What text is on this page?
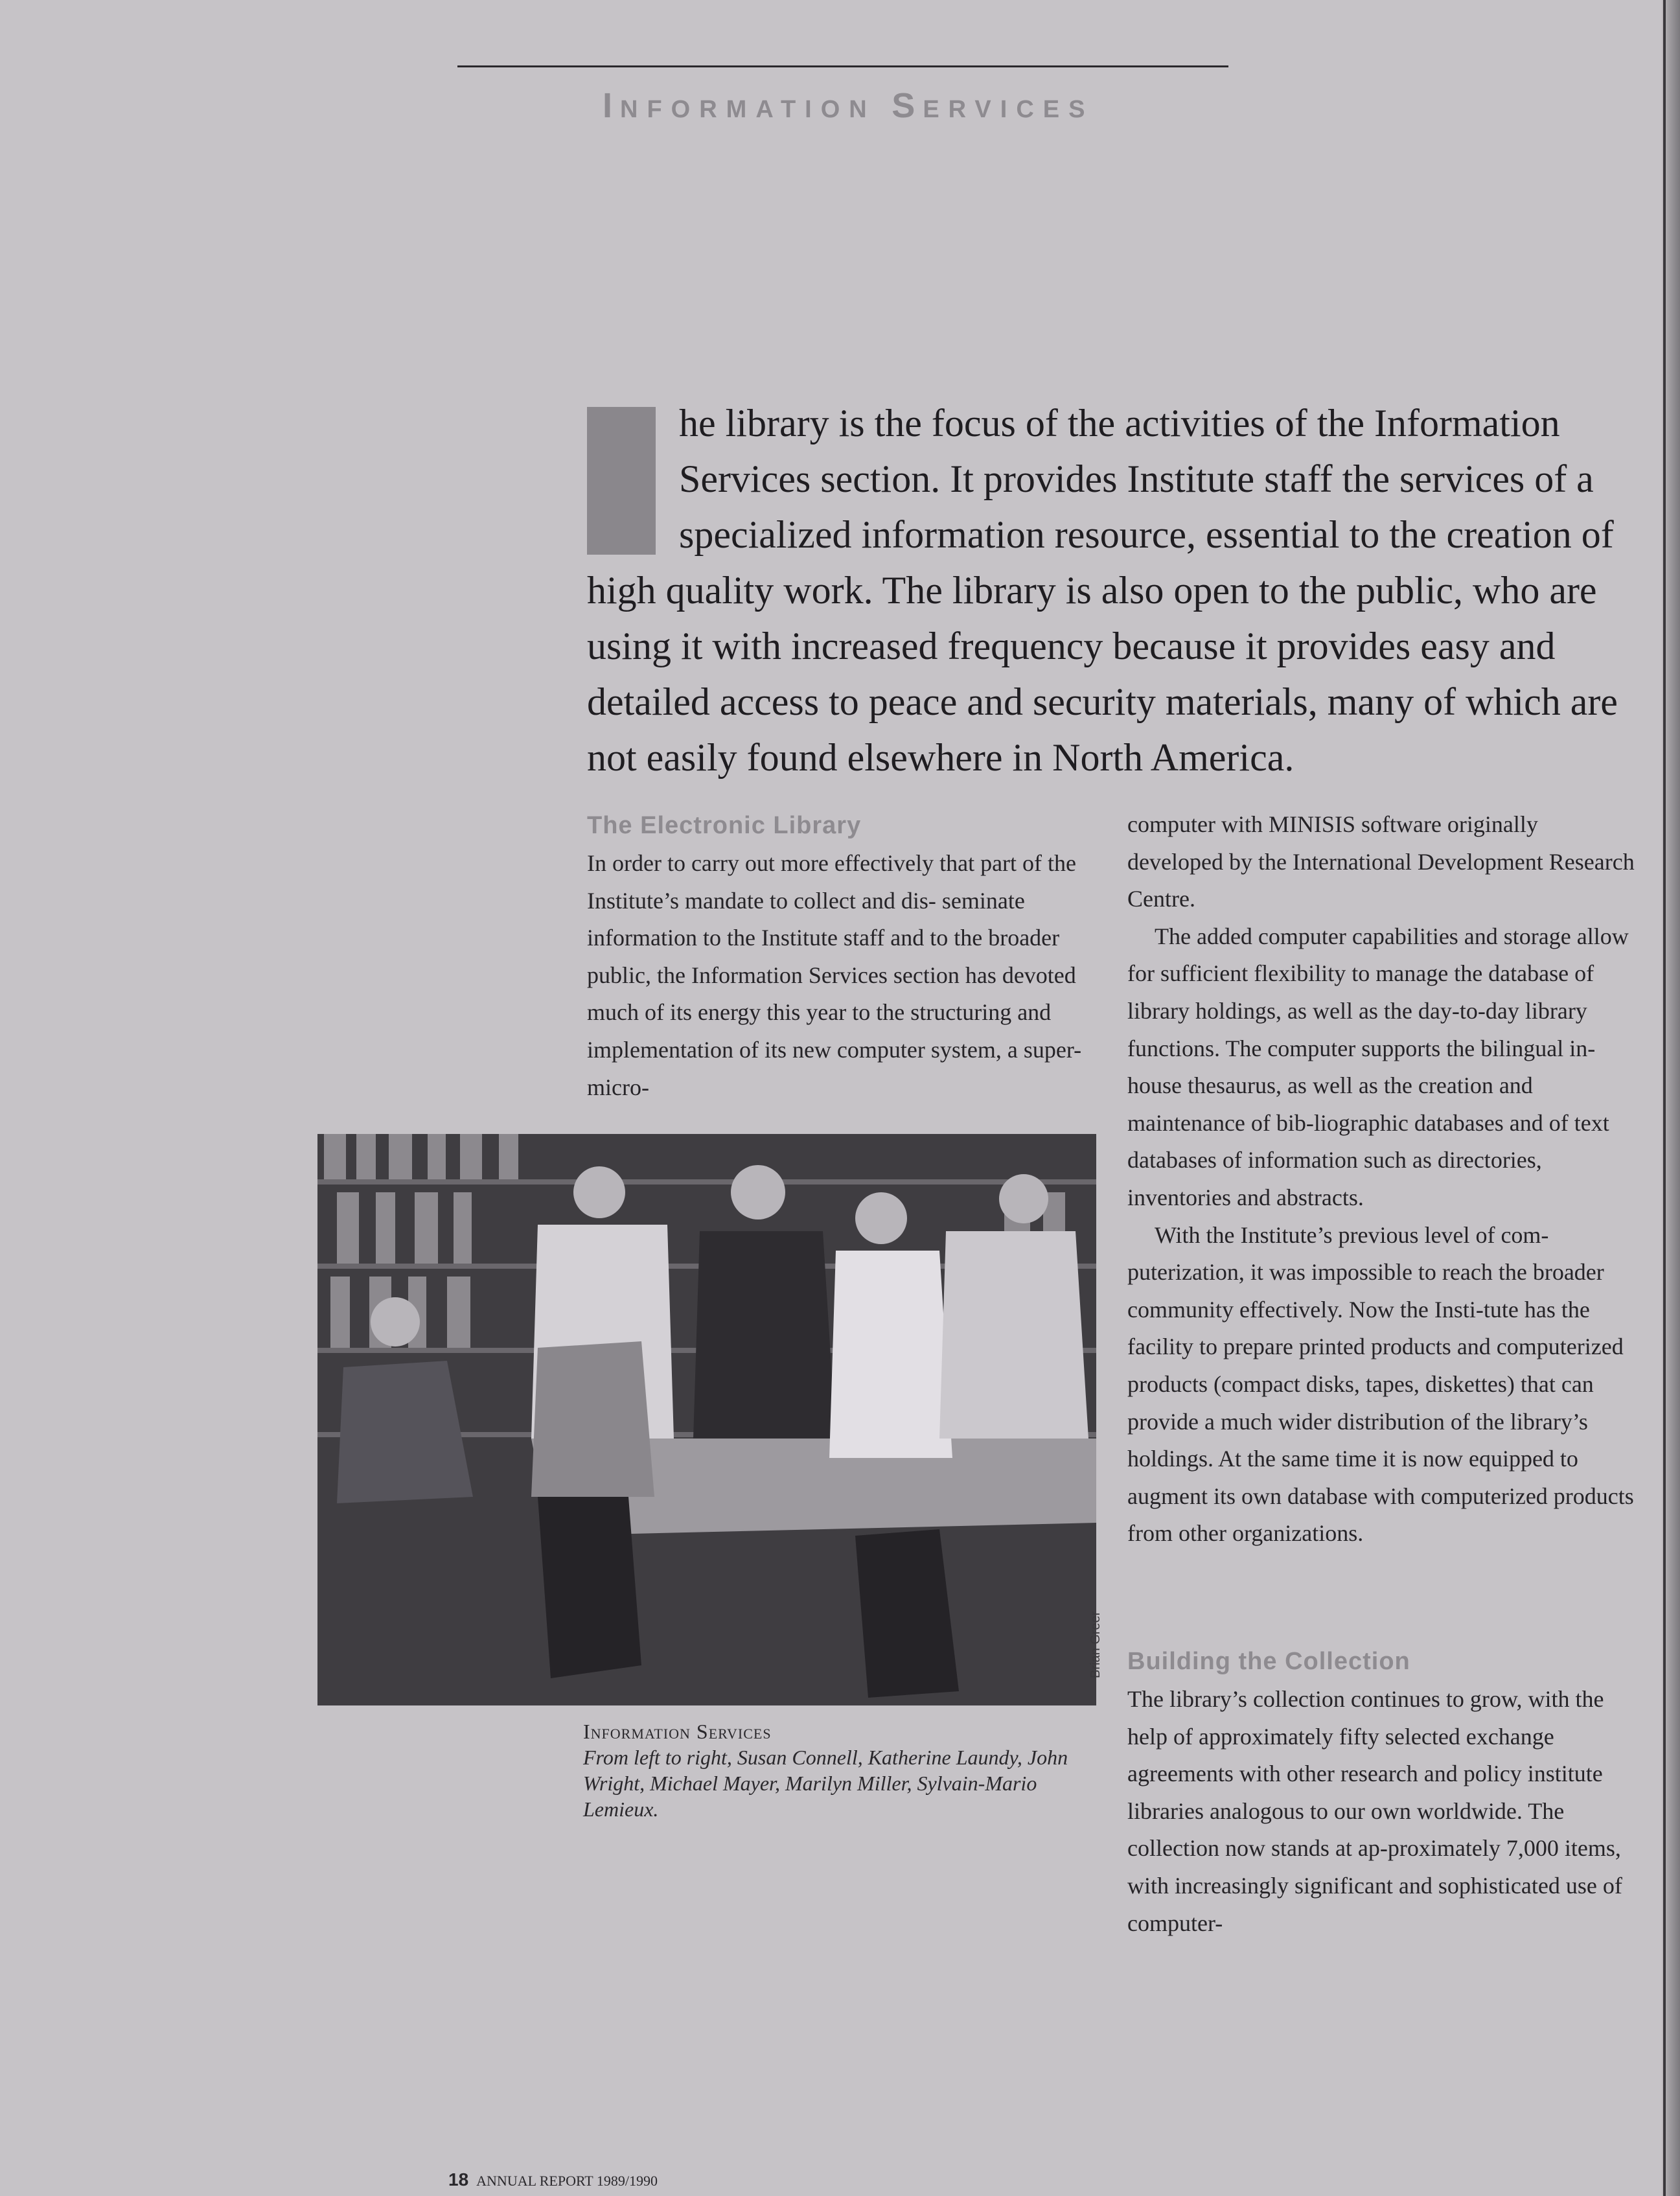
INFORMATION SERVICES
he library is the focus of the activities of the Information Services section. It provides Institute staff the services of a specialized information resource, essential to the creation of high quality work. The library is also open to the public, who are using it with increased frequency because it provides easy and detailed access to peace and security materials, many of which are not easily found elsewhere in North America.
The Electronic Library

In order to carry out more effectively that part of the Institute’s mandate to collect and dis- seminate information to the Institute staff and to the broader public, the Information Services section has devoted much of its energy this year to the structuring and implementation of its new computer system, a super-micro-

computer with MINISIS software originally developed by the International Development Research Centre.

The added computer capabilities and storage allow for sufficient flexibility to manage the database of library holdings, as well as the day-to-day library functions. The computer supports the bilingual in-house thesaurus, as well as the creation and maintenance of bib-liographic databases and of text databases of information such as directories, inventories and abstracts.

With the Institute’s previous level of com-puterization, it was impossible to reach the broader community effectively. Now the Insti-tute has the facility to prepare printed products and computerized products (compact disks, tapes, diskettes) that can provide a much wider distribution of the library’s holdings. At the same time it is now equipped to augment its own database with computerized products from other organizations.

Building the Collection

The library’s collection continues to grow, with the help of approximately fifty selected exchange agreements with other research and policy institute libraries analogous to our own worldwide. The collection now stands at ap-proximately 7,000 items, with increasingly significant and sophisticated use of computer-

Brian Greer
Information Services
From left to right, Susan Connell, Katherine Laundy, John Wright, Michael Mayer, Marilyn Miller, Sylvain-Mario Lemieux.
18 ANNUAL REPORT 1989/1990
